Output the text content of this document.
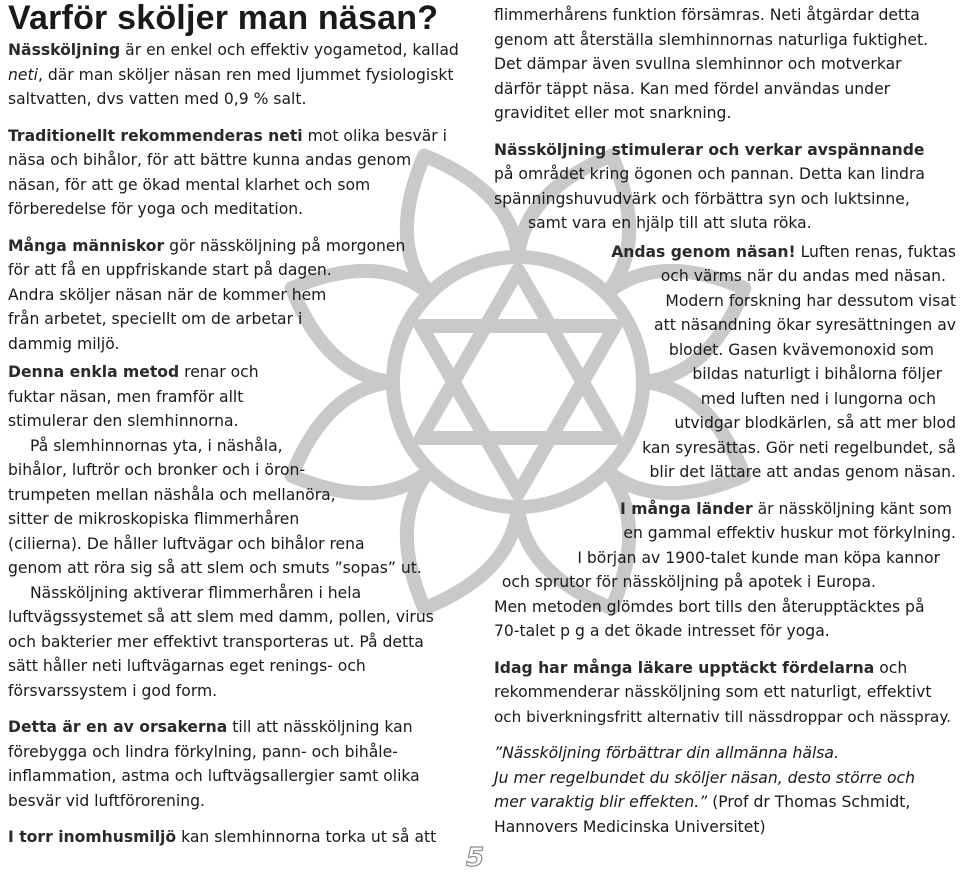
Varför sköljer man näsan?

Nässköljning är en enkel och effektiv yogametod, kallad
neti, där man sköljer näsan ren med ljummet fysiologiskt
saltvatten, dvs vatten med 0,9 % salt.

Traditionellt rekommenderas neti mot olika besvär i
näsa och bihålor, för att bättre kunna andas genom
näsan, för att ge ökad mental klarhet och som
förberedelse för yoga och meditation.

Många människor gör nässköljning på morgonen
för att få en uppfriskande start på dagen.
Andra sköljer näsan när de kommer hem
från arbetet, speciellt om de arbetar i
dammig miljö.

Denna enkla metod renar och
fuktar näsan, men framför allt
stimulerar den slemhinnorna.
På slemhinnornas yta, i näshåla,
bihålor, luftrör och bronker och i öron-
trumpeten mellan näshåla och mellanöra,
sitter de mikroskopiska flimmerhåren
(cilierna). De håller luftvägar och bihålor rena
genom att röra sig så att slem och smuts ”sopas” ut.
Nässköljning aktiverar flimmerhåren i hela
luftvägssystemet så att slem med damm, pollen, virus
och bakterier mer effektivt transporteras ut. På detta
sätt håller neti luftvägarnas eget renings- och
försvarssystem i god form.

Detta är en av orsakerna till att nässköljning kan
förebygga och lindra förkylning, pann- och bihåle-
inflammation, astma och luftvägsallergier samt olika
besvär vid luftförorening.

I torr inomhusmiljö kan slemhinnorna torka ut så att

flimmerhårens funktion försämras. Neti åtgärdar detta
genom att återställa slemhinnornas naturliga fuktighet.
Det dämpar även svullna slemhinnor och motverkar
därför täppt näsa. Kan med fördel användas under
graviditet eller mot snarkning.

Nässköljning stimulerar och verkar avspännande
på området kring ögonen och pannan. Detta kan lindra
spänningshuvudvärk och förbättra syn och luktsinne,
samt vara en hjälp till att sluta röka.

Andas genom näsan! Luften renas, fuktas
och värms när du andas med näsan.
Modern forskning har dessutom visat
att näsandning ökar syresättningen av
blodet. Gasen kvävemonoxid som
bildas naturligt i bihålorna följer
med luften ned i lungorna och
utvidgar blodkärlen, så att mer blod
kan syresättas. Gör neti regelbundet, så
blir det lättare att andas genom näsan.

I många länder är nässköljning känt som
en gammal effektiv huskur mot förkylning.
I början av 1900-talet kunde man köpa kannor
och sprutor för nässköljning på apotek i Europa.

Men metoden glömdes bort tills den återupptäcktes på
70-talet p g a det ökade intresset för yoga.

Idag har många läkare upptäckt fördelarna och
rekommenderar nässköljning som ett naturligt, effektivt
och biverkningsfritt alternativ till nässdroppar och nässpray.

”Nässköljning förbättrar din allmänna hälsa.
Ju mer regelbundet du sköljer näsan, desto större och
mer varaktig blir effekten.” (Prof dr Thomas Schmidt,
Hannovers Medicinska Universitet)

5
